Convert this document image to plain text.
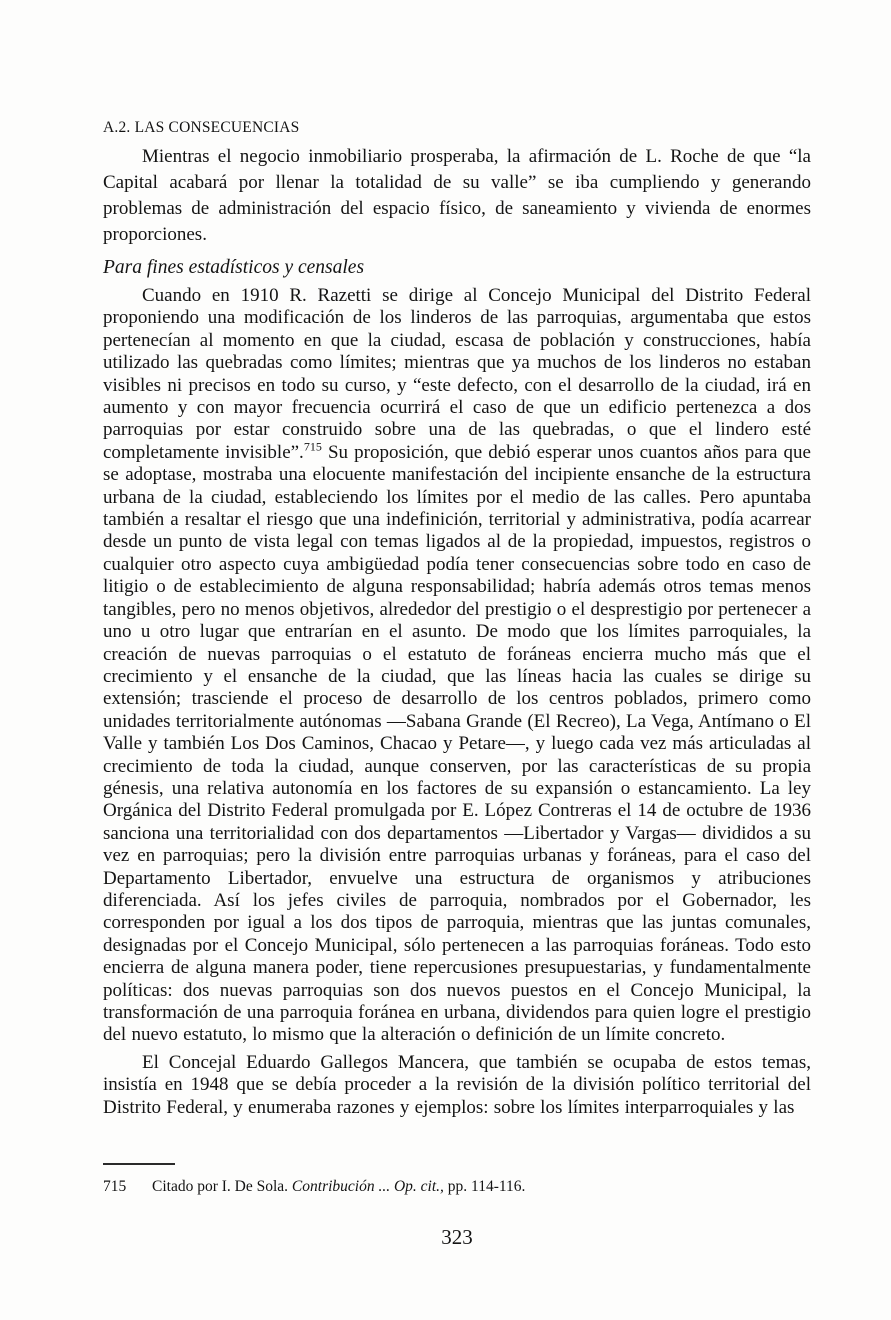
A.2. LAS CONSECUENCIAS

Mientras el negocio inmobiliario prosperaba, la afirmación de L. Roche de que “la Capital acabará por llenar la totalidad de su valle” se iba cumpliendo y generando problemas de administración del espacio físico, de saneamiento y vivienda de enormes proporciones.

Para fines estadísticos y censales

Cuando en 1910 R. Razetti se dirige al Concejo Municipal del Distrito Federal proponiendo una modificación de los linderos de las parroquias, argumentaba que estos pertenecían al momento en que la ciudad, escasa de población y construcciones, había utilizado las quebradas como límites; mientras que ya muchos de los linderos no estaban visibles ni precisos en todo su curso, y “este defecto, con el desarrollo de la ciudad, irá en aumento y con mayor frecuencia ocurrirá el caso de que un edificio pertenezca a dos parroquias por estar construido sobre una de las quebradas, o que el lindero esté completamente invisible”.$^{715}$ Su proposición, que debió esperar unos cuantos años para que se adoptase, mostraba una elocuente manifestación del incipiente ensanche de la estructura urbana de la ciudad, estableciendo los límites por el medio de las calles. Pero apuntaba también a resaltar el riesgo que una indefinición, territorial y administrativa, podía acarrear desde un punto de vista legal con temas ligados al de la propiedad, impuestos, registros o cualquier otro aspecto cuya ambigüedad podía tener consecuencias sobre todo en caso de litigio o de establecimiento de alguna responsabilidad; habría además otros temas menos tangibles, pero no menos objetivos, alrededor del prestigio o el desprestigio por pertenecer a uno u otro lugar que entrarían en el asunto. De modo que los límites parroquiales, la creación de nuevas parroquias o el estatuto de foráneas encierra mucho más que el crecimiento y el ensanche de la ciudad, que las líneas hacia las cuales se dirige su extensión; trasciende el proceso de desarrollo de los centros poblados, primero como unidades territorialmente autónomas —Sabana Grande (El Recreo), La Vega, Antímano o El Valle y también Los Dos Caminos, Chacao y Petare—, y luego cada vez más articuladas al crecimiento de toda la ciudad, aunque conserven, por las características de su propia génesis, una relativa autonomía en los factores de su expansión o estancamiento. La ley Orgánica del Distrito Federal promulgada por E. López Contreras el 14 de octubre de 1936 sanciona una territorialidad con dos departamentos —Libertador y Vargas— divididos a su vez en parroquias; pero la división entre parroquias urbanas y foráneas, para el caso del Departamento Libertador, envuelve una estructura de organismos y atribuciones diferenciada. Así los jefes civiles de parroquia, nombrados por el Gobernador, les corresponden por igual a los dos tipos de parroquia, mientras que las juntas comunales, designadas por el Concejo Municipal, sólo pertenecen a las parroquias foráneas. Todo esto encierra de alguna manera poder, tiene repercusiones presupuestarias, y fundamentalmente políticas: dos nuevas parroquias son dos nuevos puestos en el Concejo Municipal, la transformación de una parroquia foránea en urbana, dividendos para quien logre el prestigio del nuevo estatuto, lo mismo que la alteración o definición de un límite concreto.

El Concejal Eduardo Gallegos Mancera, que también se ocupaba de estos temas, insistía en 1948 que se debía proceder a la revisión de la división político territorial del Distrito Federal, y enumeraba razones y ejemplos: sobre los límites interparroquiales y las

715	Citado por I. De Sola. Contribución ... Op. cit., pp. 114-116.
323
